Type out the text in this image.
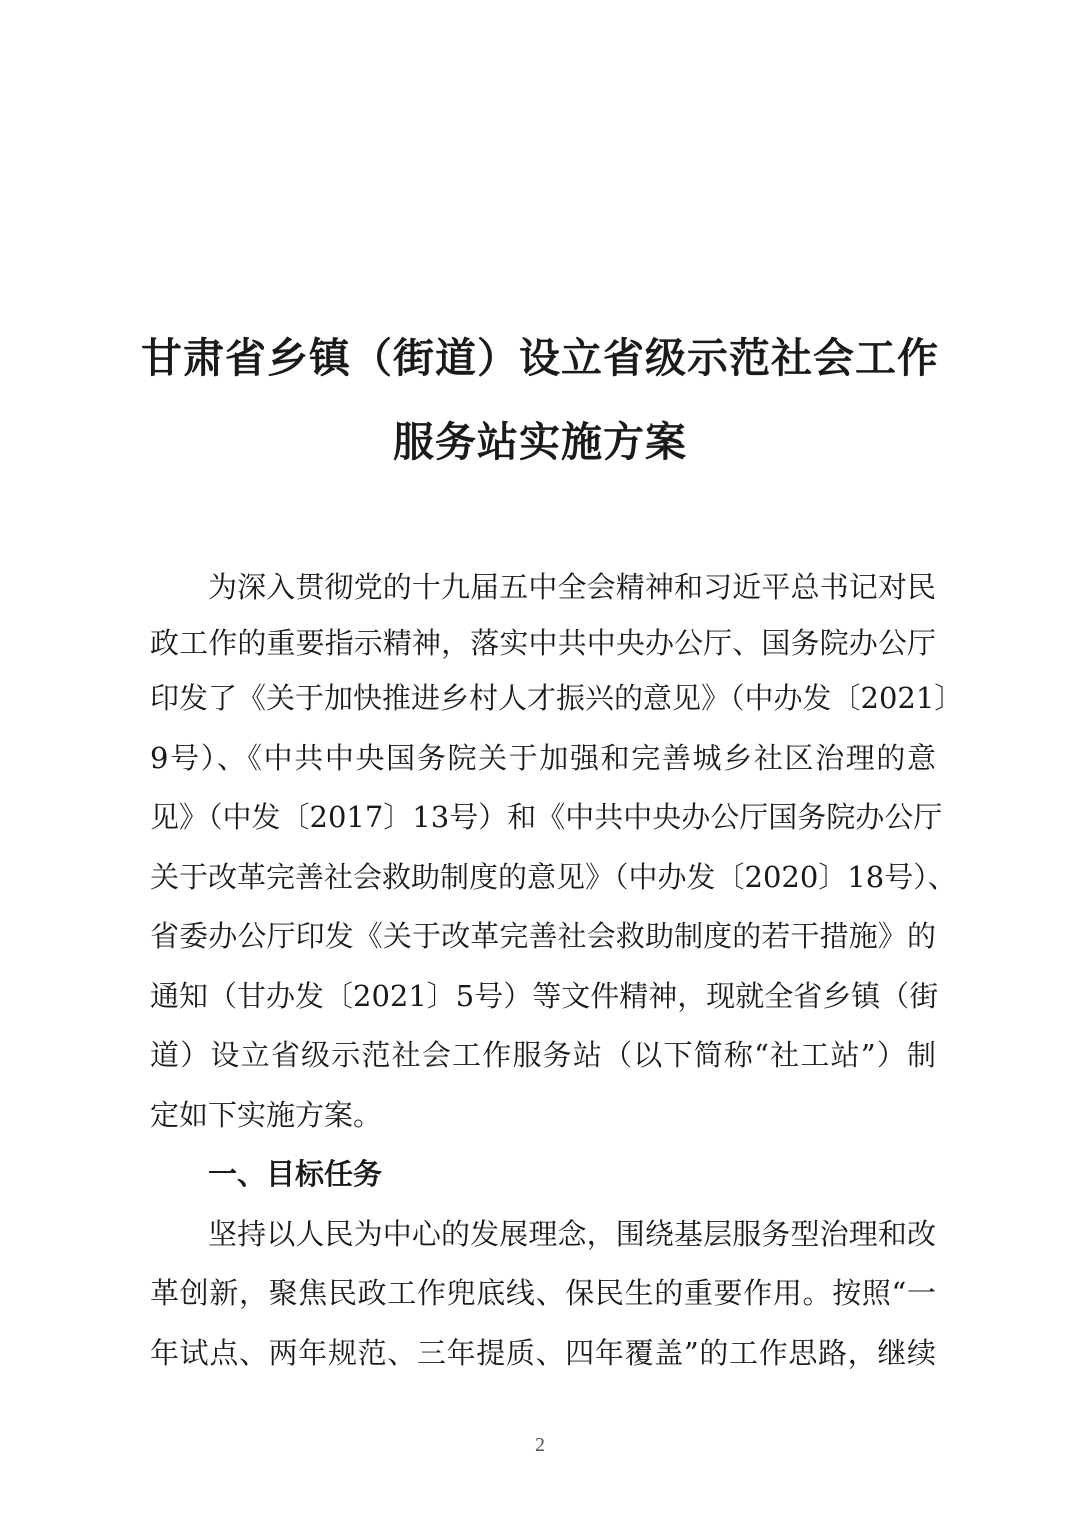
甘肃省乡镇（街道）设立省级示范社会工作
服务站实施方案
为深入贯彻党的十九届五中全会精神和习近平总书记对民
政工作的重要指示精神，落实中共中央办公厅、国务院办公厅
印发了《关于加快推进乡村人才振兴的意见》（中办发〔2021〕
9号）、《中共中央国务院关于加强和完善城乡社区治理的意
见》（中发〔2017〕13号）和《中共中央办公厅国务院办公厅
关于改革完善社会救助制度的意见》（中办发〔2020〕18号）、
省委办公厅印发《关于改革完善社会救助制度的若干措施》的
通知（甘办发〔2021〕5号）等文件精神，现就全省乡镇（街
道）设立省级示范社会工作服务站（以下简称“社工站”）制
定如下实施方案。
一、目标任务
坚持以人民为中心的发展理念，围绕基层服务型治理和改
革创新，聚焦民政工作兜底线、保民生的重要作用。按照“一
年试点、两年规范、三年提质、四年覆盖”的工作思路，继续
2
